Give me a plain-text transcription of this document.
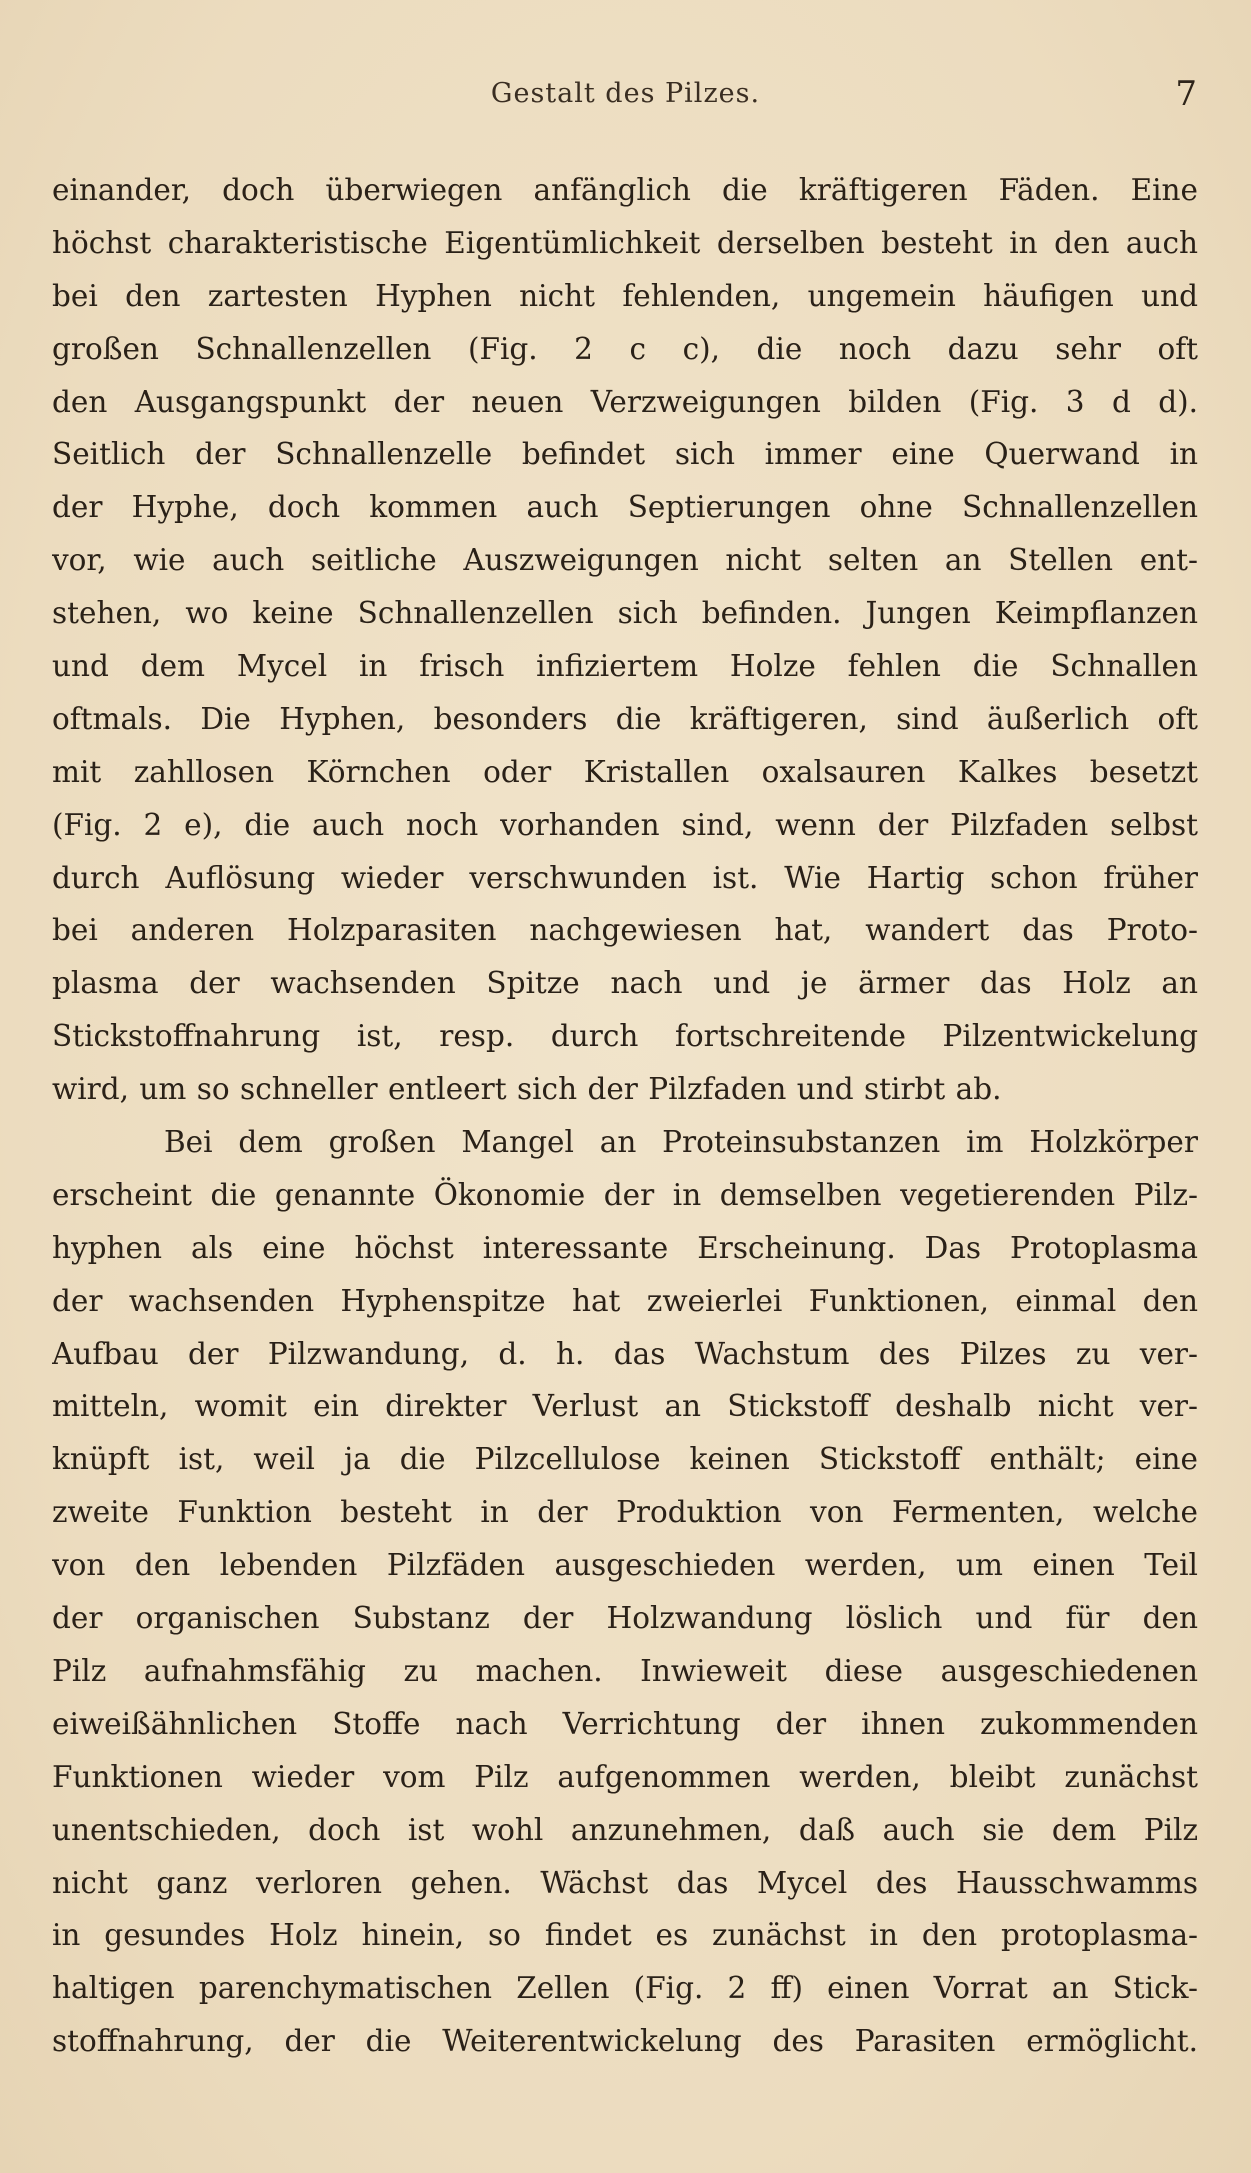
Gestalt des Pilzes.	7
einander, doch überwiegen anfänglich die kräftigeren Fäden. Eine
höchst charakteristische Eigentümlichkeit derselben besteht in den auch
bei den zartesten Hyphen nicht fehlenden, ungemein häufigen und
großen Schnallenzellen (Fig. 2 c c), die noch dazu sehr oft
den Ausgangspunkt der neuen Verzweigungen bilden (Fig. 3 d d).
Seitlich der Schnallenzelle befindet sich immer eine Querwand in
der Hyphe, doch kommen auch Septierungen ohne Schnallenzellen
vor, wie auch seitliche Auszweigungen nicht selten an Stellen ent-
stehen, wo keine Schnallenzellen sich befinden. Jungen Keimpflanzen
und dem Mycel in frisch infiziertem Holze fehlen die Schnallen
oftmals. Die Hyphen, besonders die kräftigeren, sind äußerlich oft
mit zahllosen Körnchen oder Kristallen oxalsauren Kalkes besetzt
(Fig. 2 e), die auch noch vorhanden sind, wenn der Pilzfaden selbst
durch Auflösung wieder verschwunden ist. Wie Hartig schon früher
bei anderen Holzparasiten nachgewiesen hat, wandert das Proto-
plasma der wachsenden Spitze nach und je ärmer das Holz an
Stickstoffnahrung ist, resp. durch fortschreitende Pilzentwickelung
wird, um so schneller entleert sich der Pilzfaden und stirbt ab.
Bei dem großen Mangel an Proteinsubstanzen im Holzkörper
erscheint die genannte Ökonomie der in demselben vegetierenden Pilz-
hyphen als eine höchst interessante Erscheinung. Das Protoplasma
der wachsenden Hyphenspitze hat zweierlei Funktionen, einmal den
Aufbau der Pilzwandung, d. h. das Wachstum des Pilzes zu ver-
mitteln, womit ein direkter Verlust an Stickstoff deshalb nicht ver-
knüpft ist, weil ja die Pilzcellulose keinen Stickstoff enthält; eine
zweite Funktion besteht in der Produktion von Fermenten, welche
von den lebenden Pilzfäden ausgeschieden werden, um einen Teil
der organischen Substanz der Holzwandung löslich und für den
Pilz aufnahmsfähig zu machen. Inwieweit diese ausgeschiedenen
eiweißähnlichen Stoffe nach Verrichtung der ihnen zukommenden
Funktionen wieder vom Pilz aufgenommen werden, bleibt zunächst
unentschieden, doch ist wohl anzunehmen, daß auch sie dem Pilz
nicht ganz verloren gehen. Wächst das Mycel des Hausschwamms
in gesundes Holz hinein, so findet es zunächst in den protoplasma-
haltigen parenchymatischen Zellen (Fig. 2 ff) einen Vorrat an Stick-
stoffnahrung, der die Weiterentwickelung des Parasiten ermöglicht.
